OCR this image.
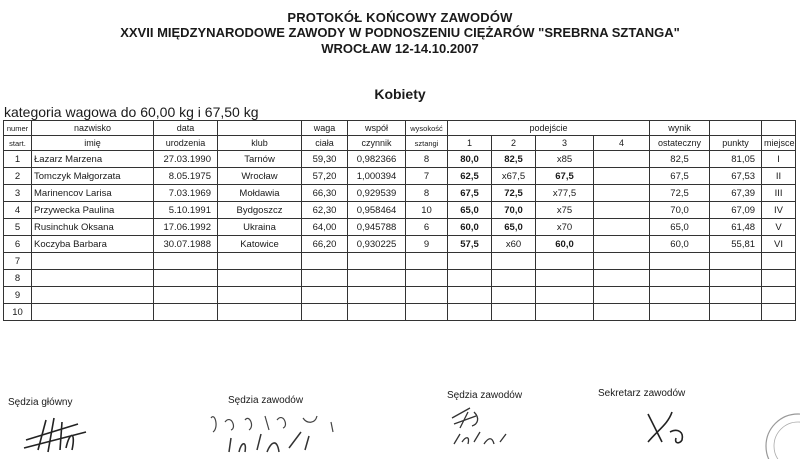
PROTOKÓŁ KOŃCOWY ZAWODÓW
XXVII MIĘDZYNARODOWE ZAWODY W PODNOSZENIU CIĘŻARÓW "SREBRNA SZTANGA"
WROCŁAW 12-14.10.2007
Kobiety
kategoria wagowa do 60,00 kg i 67,50 kg
numer	nazwisko	data		waga	współ	wysokość	podejście				wynik		
start.	imię	urodzenia	klub	ciała	czynnik	sztangi	1	2	3	4	ostateczny	punkty	miejsce
1	Łazarz Marzena	27.03.1990	Tarnów	59,30	0,982366	8	80,0	82,5	x85		82,5	81,05	I
2	Tomczyk Małgorzata	8.05.1975	Wrocław	57,20	1,000394	7	62,5	x67,5	67,5		67,5	67,53	II
3	Marinencov Larisa	7.03.1969	Mołdawia	66,30	0,929539	8	67,5	72,5	x77,5		72,5	67,39	III
4	Przywecka Paulina	5.10.1991	Bydgoszcz	62,30	0,958464	10	65,0	70,0	x75		70,0	67,09	IV
5	Rusinchuk Oksana	17.06.1992	Ukraina	64,00	0,945788	6	60,0	65,0	x70		65,0	61,48	V
6	Koczyba Barbara	30.07.1988	Katowice	66,20	0,930225	9	57,5	x60	60,0		60,0	55,81	VI
7													
8													
9													
10													
Sędzia główny	Sędzia zawodów	Sędzia zawodów	Sekretarz zawodów
